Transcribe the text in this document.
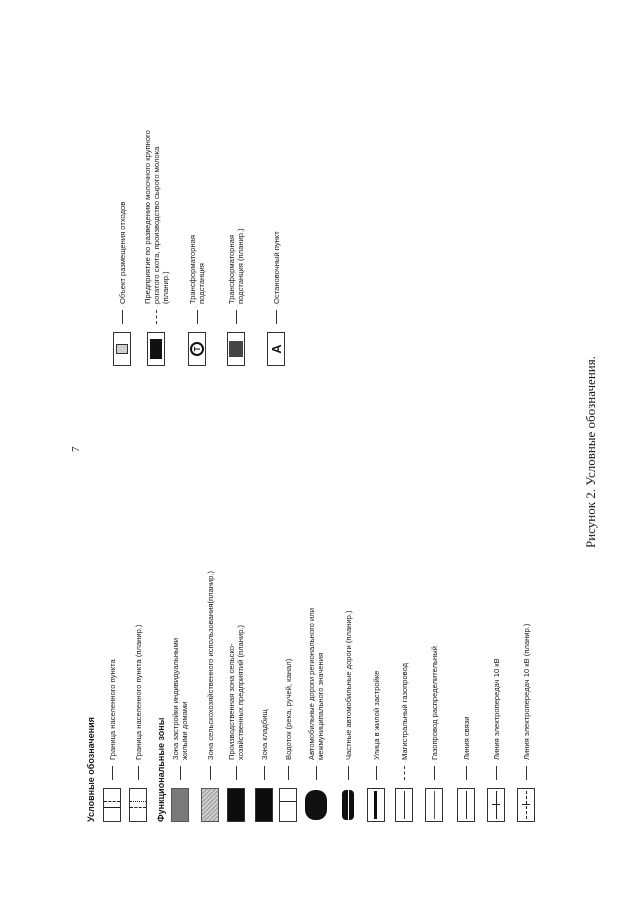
7
Условные обозначения
Граница населенного пункта Граница населенного пункта (планир.)
Функциональные зоны
Зона застройки индивидуальными жилыми домами Зона сельскохозяйственного использования(планир.) Производственная зона сельско-хозяйственных предприятий (планир.) Зона кладбищ Водоток (река, ручей, канал) Автомобильные дороги регионального или межмуниципального значения Частные автомобильные дороги (планир.)	Улица в жилой застройке	Магистральный газопровод	Газопровод распределительный	Линия связи	Линия электропередач 10 кВ	Линия электропередач 10 кВ (планир.)
Объект размещения отходов Предприятие по разведению молочного крупного рогатого скота, производство сырого молока (планир.)
T
Трансформаторная подстанция	Трансформаторная подстанция (планир.)
A
Остановочный пункт
Рисунок 2. Условные обозначения.
